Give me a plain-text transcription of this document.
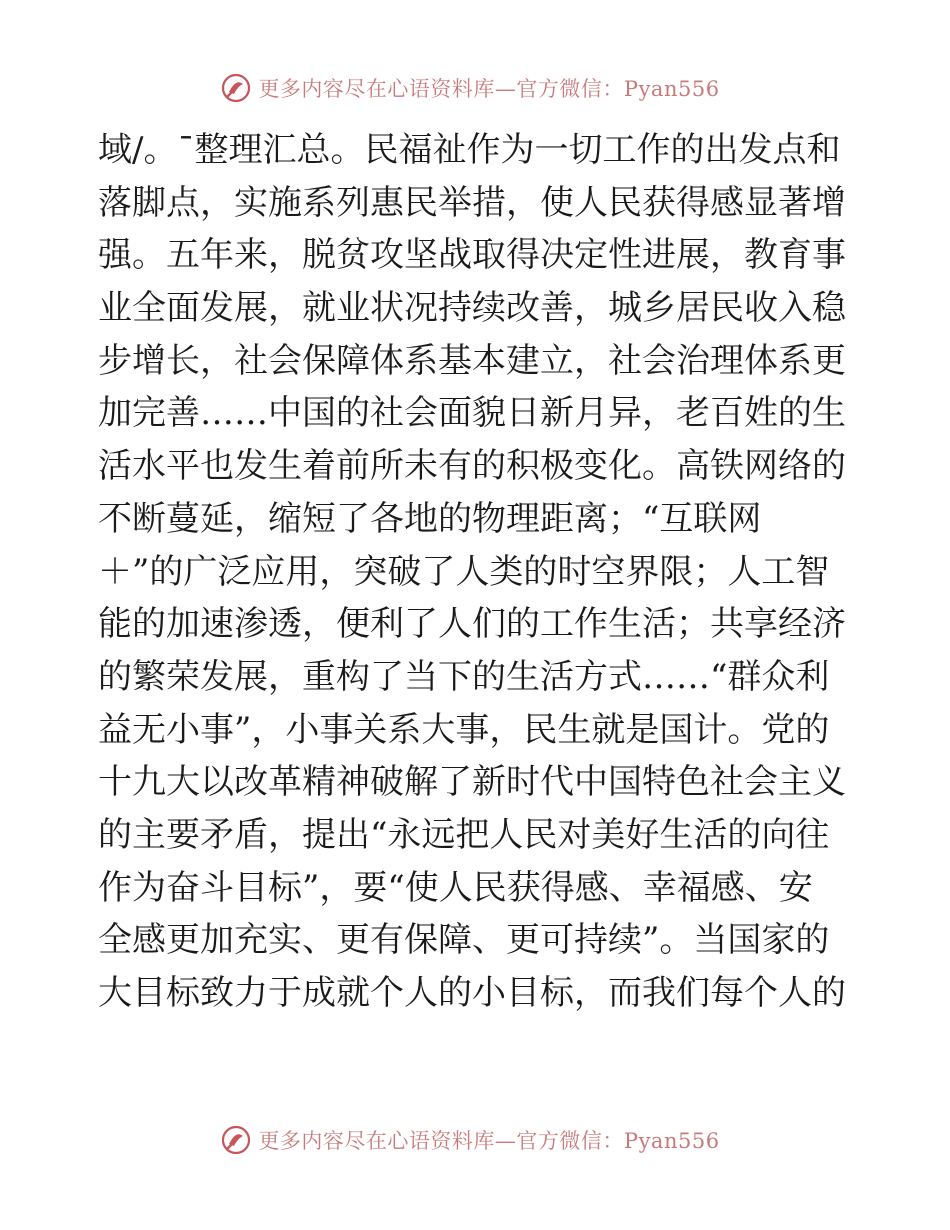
更多内容尽在心语资料库—官方微信：Pyan556
域/。¯整理汇总。民福祉作为一切工作的出发点和
落脚点，实施系列惠民举措，使人民获得感显著增
强。五年来，脱贫攻坚战取得决定性进展，教育事
业全面发展，就业状况持续改善，城乡居民收入稳
步增长，社会保障体系基本建立，社会治理体系更
加完善……中国的社会面貌日新月异，老百姓的生
活水平也发生着前所未有的积极变化。高铁网络的
不断蔓延，缩短了各地的物理距离；“互联网
＋”的广泛应用，突破了人类的时空界限；人工智
能的加速渗透，便利了人们的工作生活；共享经济
的繁荣发展，重构了当下的生活方式……“群众利
益无小事”，小事关系大事，民生就是国计。党的
十九大以改革精神破解了新时代中国特色社会主义
的主要矛盾，提出“永远把人民对美好生活的向往
作为奋斗目标”，要“使人民获得感、幸福感、安
全感更加充实、更有保障、更可持续”。当国家的
大目标致力于成就个人的小目标，而我们每个人的
更多内容尽在心语资料库—官方微信：Pyan556
